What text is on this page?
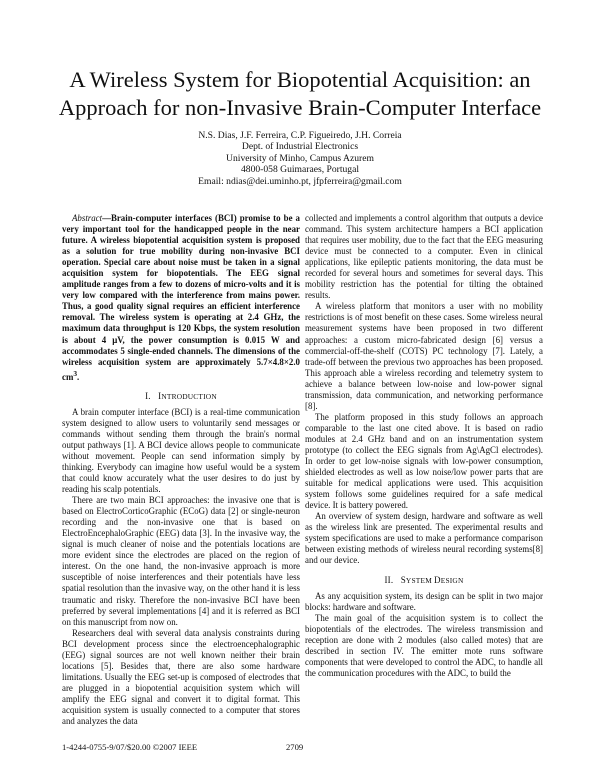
A Wireless System for Biopotential Acquisition: an
Approach for non-Invasive Brain-Computer Interface
N.S. Dias, J.F. Ferreira, C.P. Figueiredo, J.H. Correia
Dept. of Industrial Electronics
University of Minho, Campus Azurem
4800-058 Guimaraes, Portugal
Email: ndias@dei.uminho.pt, jfpferreira@gmail.com

Abstract—Brain-computer interfaces (BCI) promise to be a very important tool for the handicapped people in the near future. A wireless biopotential acquisition system is proposed as a solution for true mobility during non-invasive BCI operation. Special care about noise must be taken in a signal acquisition system for biopotentials. The EEG signal amplitude ranges from a few to dozens of micro-volts and it is very low compared with the interference from mains power. Thus, a good quality signal requires an efficient interference removal. The wireless system is operating at 2.4 GHz, the maximum data throughput is 120 Kbps, the system resolution is about 4 μV, the power consumption is 0.015 W and accommodates 5 single-ended channels. The dimensions of the wireless acquisition system are approximately 5.7×4.8×2.0 $cm^3$.

I. INTRODUCTION

A brain computer interface (BCI) is a real-time communication system designed to allow users to voluntarily send messages or commands without sending them through the brain's normal output pathways [1]. A BCI device allows people to communicate without movement. People can send information simply by thinking. Everybody can imagine how useful would be a system that could know accurately what the user desires to do just by reading his scalp potentials.

There are two main BCI approaches: the invasive one that is based on ElectroCorticoGraphic (ECoG) data [2] or single-neuron recording and the non-invasive one that is based on ElectroEncephaloGraphic (EEG) data [3]. In the invasive way, the signal is much cleaner of noise and the potentials locations are more evident since the electrodes are placed on the region of interest. On the one hand, the non-invasive approach is more susceptible of noise interferences and their potentials have less spatial resolution than the invasive way, on the other hand it is less traumatic and risky. Therefore the non-invasive BCI have been preferred by several implementations [4] and it is referred as BCI on this manuscript from now on.

Researchers deal with several data analysis constraints during BCI development process since the electroencephalographic (EEG) signal sources are not well known neither their brain locations [5]. Besides that, there are also some hardware limitations. Usually the EEG set-up is composed of electrodes that are plugged in a biopotential acquisition system which will amplify the EEG signal and convert it to digital format. This acquisition system is usually connected to a computer that stores and analyzes the data

collected and implements a control algorithm that outputs a device command. This system architecture hampers a BCI application that requires user mobility, due to the fact that the EEG measuring device must be connected to a computer. Even in clinical applications, like epileptic patients monitoring, the data must be recorded for several hours and sometimes for several days. This mobility restriction has the potential for tilting the obtained results.

A wireless platform that monitors a user with no mobility restrictions is of most benefit on these cases. Some wireless neural measurement systems have been proposed in two different approaches: a custom micro-fabricated design [6] versus a commercial-off-the-shelf (COTS) PC technology [7]. Lately, a trade-off between the previous two approaches has been proposed. This approach able a wireless recording and telemetry system to achieve a balance between low-noise and low-power signal transmission, data communication, and networking performance [8].

The platform proposed in this study follows an approach comparable to the last one cited above. It is based on radio modules at 2.4 GHz band and on an instrumentation system prototype (to collect the EEG signals from Ag\AgCl electrodes). In order to get low-noise signals with low-power consumption, shielded electrodes as well as low noise/low power parts that are suitable for medical applications were used. This acquisition system follows some guidelines required for a safe medical device. It is battery powered.

An overview of system design, hardware and software as well as the wireless link are presented. The experimental results and system specifications are used to make a performance comparison between existing methods of wireless neural recording systems[8] and our device.

II. SYSTEM DESIGN

As any acquisition system, its design can be split in two major blocks: hardware and software.

The main goal of the acquisition system is to collect the biopotentials of the electrodes. The wireless transmission and reception are done with 2 modules (also called motes) that are described in section IV. The emitter mote runs software components that were developed to control the ADC, to handle all the communication procedures with the ADC, to build the

1-4244-0755-9/07/$20.00 ©2007 IEEE	2709
